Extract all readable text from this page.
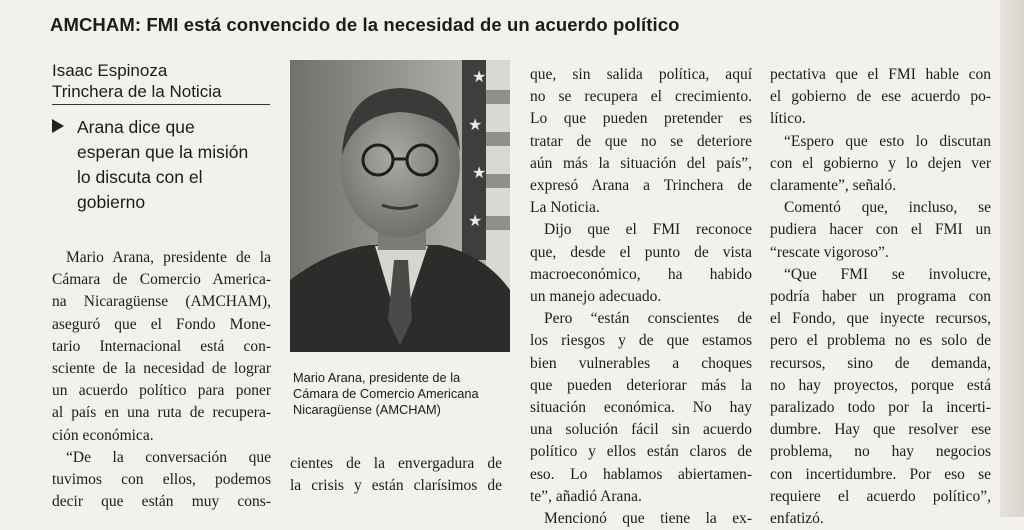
AMCHAM: FMI está convencido de la necesidad de un acuerdo político
Isaac Espinoza
Trinchera de la Noticia
Arana dice que
esperan que la misión
lo discuta con el
gobierno
★
★
★
★
Mario Arana, presidente de la
Cámara de Comercio Americana
Nicaragüense (AMCHAM)
Mario Arana, presidente de la
Cámara de Comercio America-
na Nicaragüense (AMCHAM),
aseguró que el Fondo Mone-
tario Internacional está con-
sciente de la necesidad de lograr
un acuerdo político para poner
al país en una ruta de recupera-
ción económica.
“De la conversación que
tuvimos con ellos, podemos
decir que están muy cons-
cientes de la envergadura de
la crisis y están clarísimos de
que, sin salida política, aquí
no se recupera el crecimiento.
Lo que pueden pretender es
tratar de que no se deteriore
aún más la situación del país”,
expresó Arana a Trinchera de
La Noticia.
Dijo que el FMI reconoce
que, desde el punto de vista
macroeconómico, ha habido
un manejo adecuado.
Pero “están conscientes de
los riesgos y de que estamos
bien vulnerables a choques
que pueden deteriorar más la
situación económica. No hay
una solución fácil sin acuerdo
político y ellos están claros de
eso. Lo hablamos abiertamen-
te”, añadió Arana.
Mencionó que tiene la ex-
pectativa que el FMI hable con
el gobierno de ese acuerdo po-
lítico.
“Espero que esto lo discutan
con el gobierno y lo dejen ver
claramente”, señaló.
Comentó que, incluso, se
pudiera hacer con el FMI un
“rescate vigoroso”.
“Que FMI se involucre,
podría haber un programa con
el Fondo, que inyecte recursos,
pero el problema no es solo de
recursos, sino de demanda,
no hay proyectos, porque está
paralizado todo por la incerti-
dumbre. Hay que resolver ese
problema, no hay negocios
con incertidumbre. Por eso se
requiere el acuerdo político”,
enfatizó.
